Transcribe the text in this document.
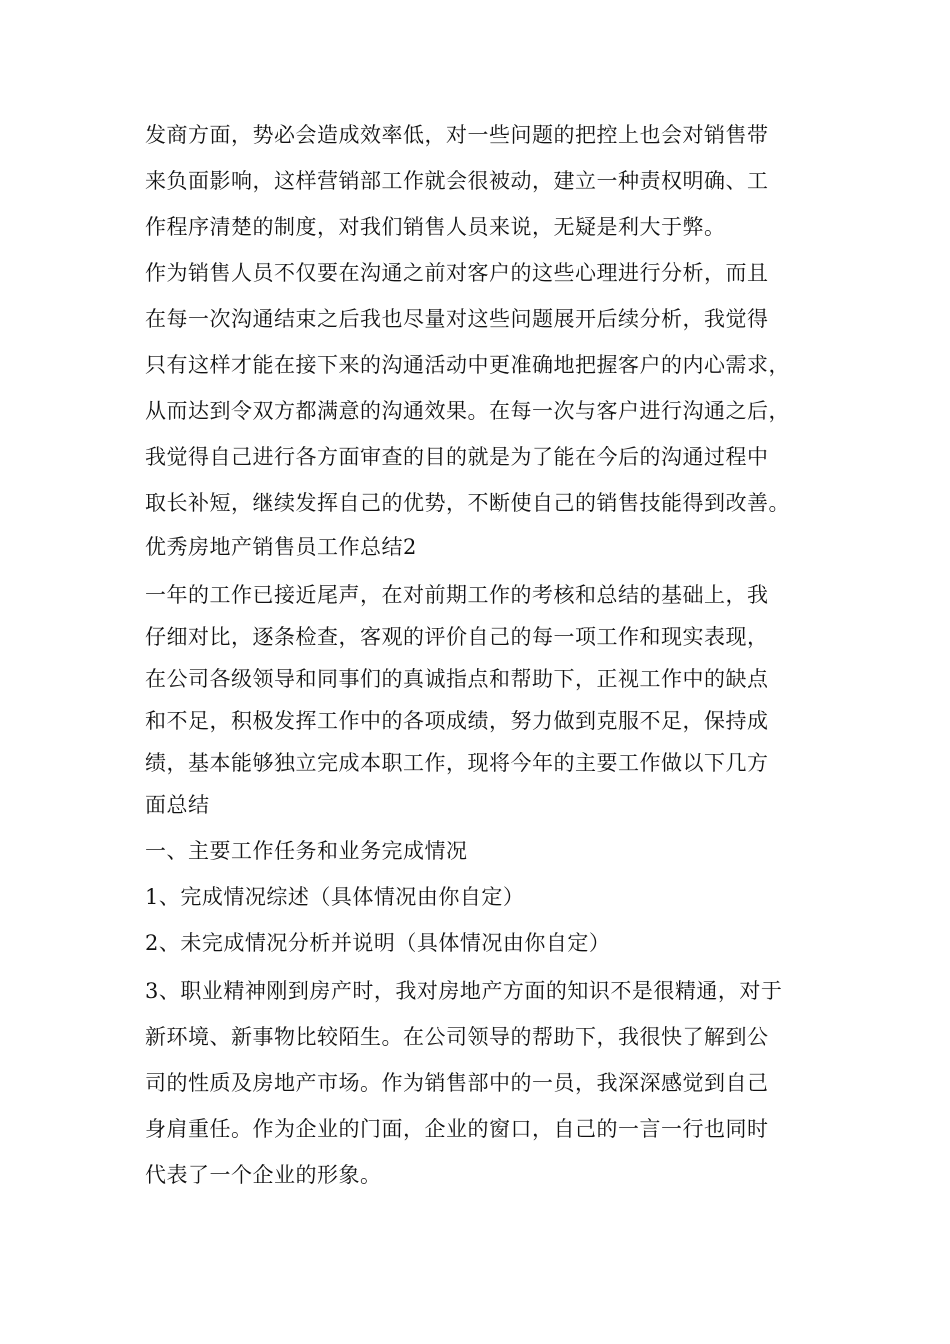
发商方面，势必会造成效率低，对一些问题的把控上也会对销售带
来负面影响，这样营销部工作就会很被动，建立一种责权明确、工
作程序清楚的制度，对我们销售人员来说，无疑是利大于弊。
作为销售人员不仅要在沟通之前对客户的这些心理进行分析，而且
在每一次沟通结束之后我也尽量对这些问题展开后续分析，我觉得
只有这样才能在接下来的沟通活动中更准确地把握客户的内心需求，
从而达到令双方都满意的沟通效果。在每一次与客户进行沟通之后，
我觉得自己进行各方面审查的目的就是为了能在今后的沟通过程中
取长补短，继续发挥自己的优势，不断使自己的销售技能得到改善。
优秀房地产销售员工作总结2
一年的工作已接近尾声，在对前期工作的考核和总结的基础上，我
仔细对比，逐条检查，客观的评价自己的每一项工作和现实表现，
在公司各级领导和同事们的真诚指点和帮助下，正视工作中的缺点
和不足，积极发挥工作中的各项成绩，努力做到克服不足，保持成
绩，基本能够独立完成本职工作，现将今年的主要工作做以下几方
面总结
一、主要工作任务和业务完成情况
1、完成情况综述（具体情况由你自定）
2、未完成情况分析并说明（具体情况由你自定）
3、职业精神刚到房产时，我对房地产方面的知识不是很精通，对于
新环境、新事物比较陌生。在公司领导的帮助下，我很快了解到公
司的性质及房地产市场。作为销售部中的一员，我深深感觉到自己
身肩重任。作为企业的门面，企业的窗口，自己的一言一行也同时
代表了一个企业的形象。
